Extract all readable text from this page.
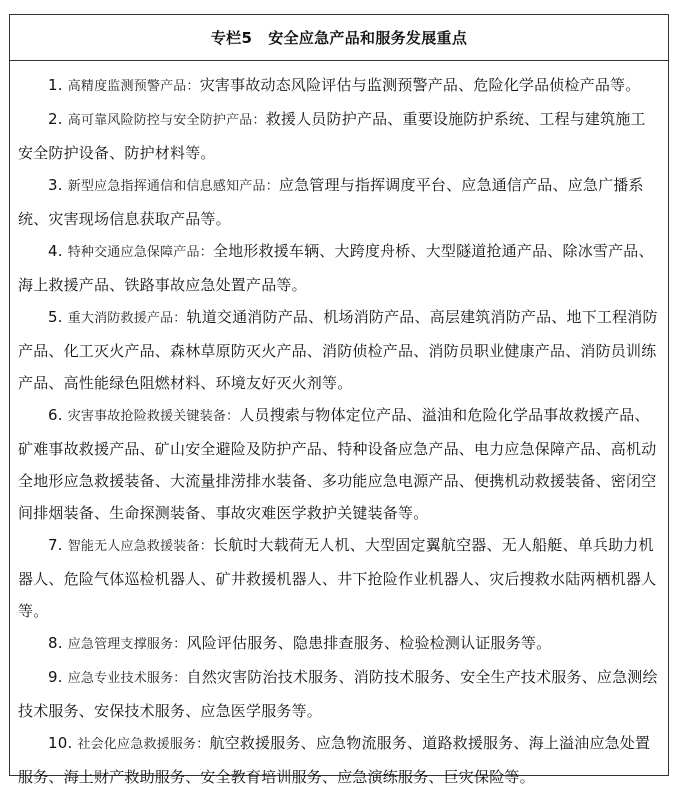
专栏5 安全应急产品和服务发展重点

1. 高精度监测预警产品：灾害事故动态风险评估与监测预警产品、危险化学品侦检产品等。

2. 高可靠风险防控与安全防护产品：救援人员防护产品、重要设施防护系统、工程与建筑施工安全防护设备、防护材料等。

3. 新型应急指挥通信和信息感知产品：应急管理与指挥调度平台、应急通信产品、应急广播系统、灾害现场信息获取产品等。

4. 特种交通应急保障产品：全地形救援车辆、大跨度舟桥、大型隧道抢通产品、除冰雪产品、海上救援产品、铁路事故应急处置产品等。

5. 重大消防救援产品：轨道交通消防产品、机场消防产品、高层建筑消防产品、地下工程消防产品、化工灭火产品、森林草原防灭火产品、消防侦检产品、消防员职业健康产品、消防员训练产品、高性能绿色阻燃材料、环境友好灭火剂等。

6. 灾害事故抢险救援关键装备：人员搜索与物体定位产品、溢油和危险化学品事故救援产品、矿难事故救援产品、矿山安全避险及防护产品、特种设备应急产品、电力应急保障产品、高机动全地形应急救援装备、大流量排涝排水装备、多功能应急电源产品、便携机动救援装备、密闭空间排烟装备、生命探测装备、事故灾难医学救护关键装备等。

7. 智能无人应急救援装备：长航时大载荷无人机、大型固定翼航空器、无人船艇、单兵助力机器人、危险气体巡检机器人、矿井救援机器人、井下抢险作业机器人、灾后搜救水陆两栖机器人等。

8. 应急管理支撑服务：风险评估服务、隐患排查服务、检验检测认证服务等。

9. 应急专业技术服务：自然灾害防治技术服务、消防技术服务、安全生产技术服务、应急测绘技术服务、安保技术服务、应急医学服务等。

10. 社会化应急救援服务：航空救援服务、应急物流服务、道路救援服务、海上溢油应急处置服务、海上财产救助服务、安全教育培训服务、应急演练服务、巨灾保险等。
